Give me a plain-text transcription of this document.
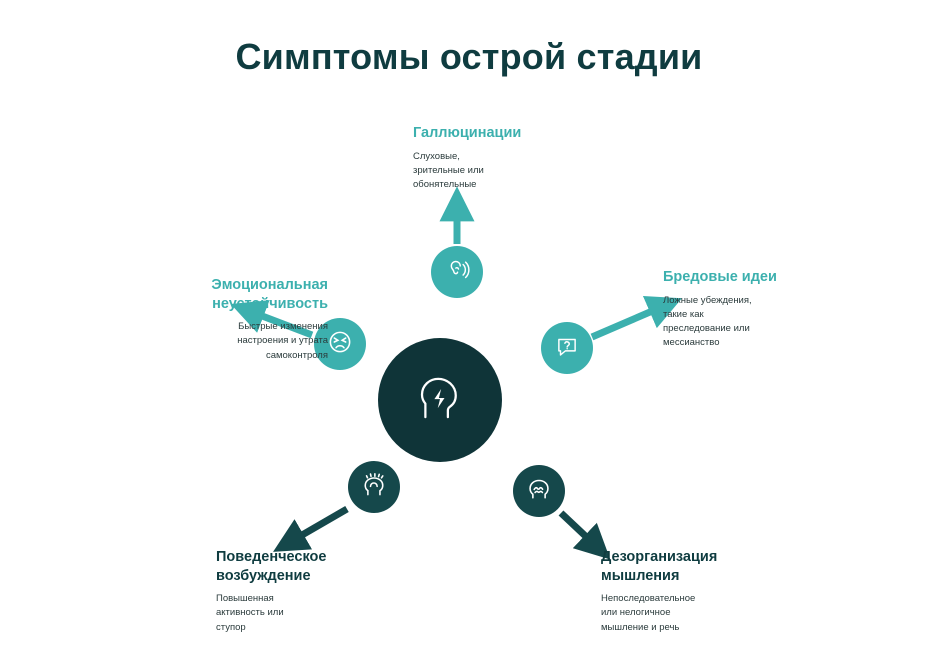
Симптомы острой стадии

Галлюцинации

Слуховые,
зрительные или
обонятельные

Бредовые идеи

Ложные убеждения,
такие как
преследование или
мессианство

Эмоциональная
неустойчивость

Быстрые изменения
настроения и утрата
самоконтроля

Поведенческое
возбуждение

Повышенная
активность или
ступор

Дезорганизация
мышления

Непоследовательное
или нелогичное
мышление и речь
